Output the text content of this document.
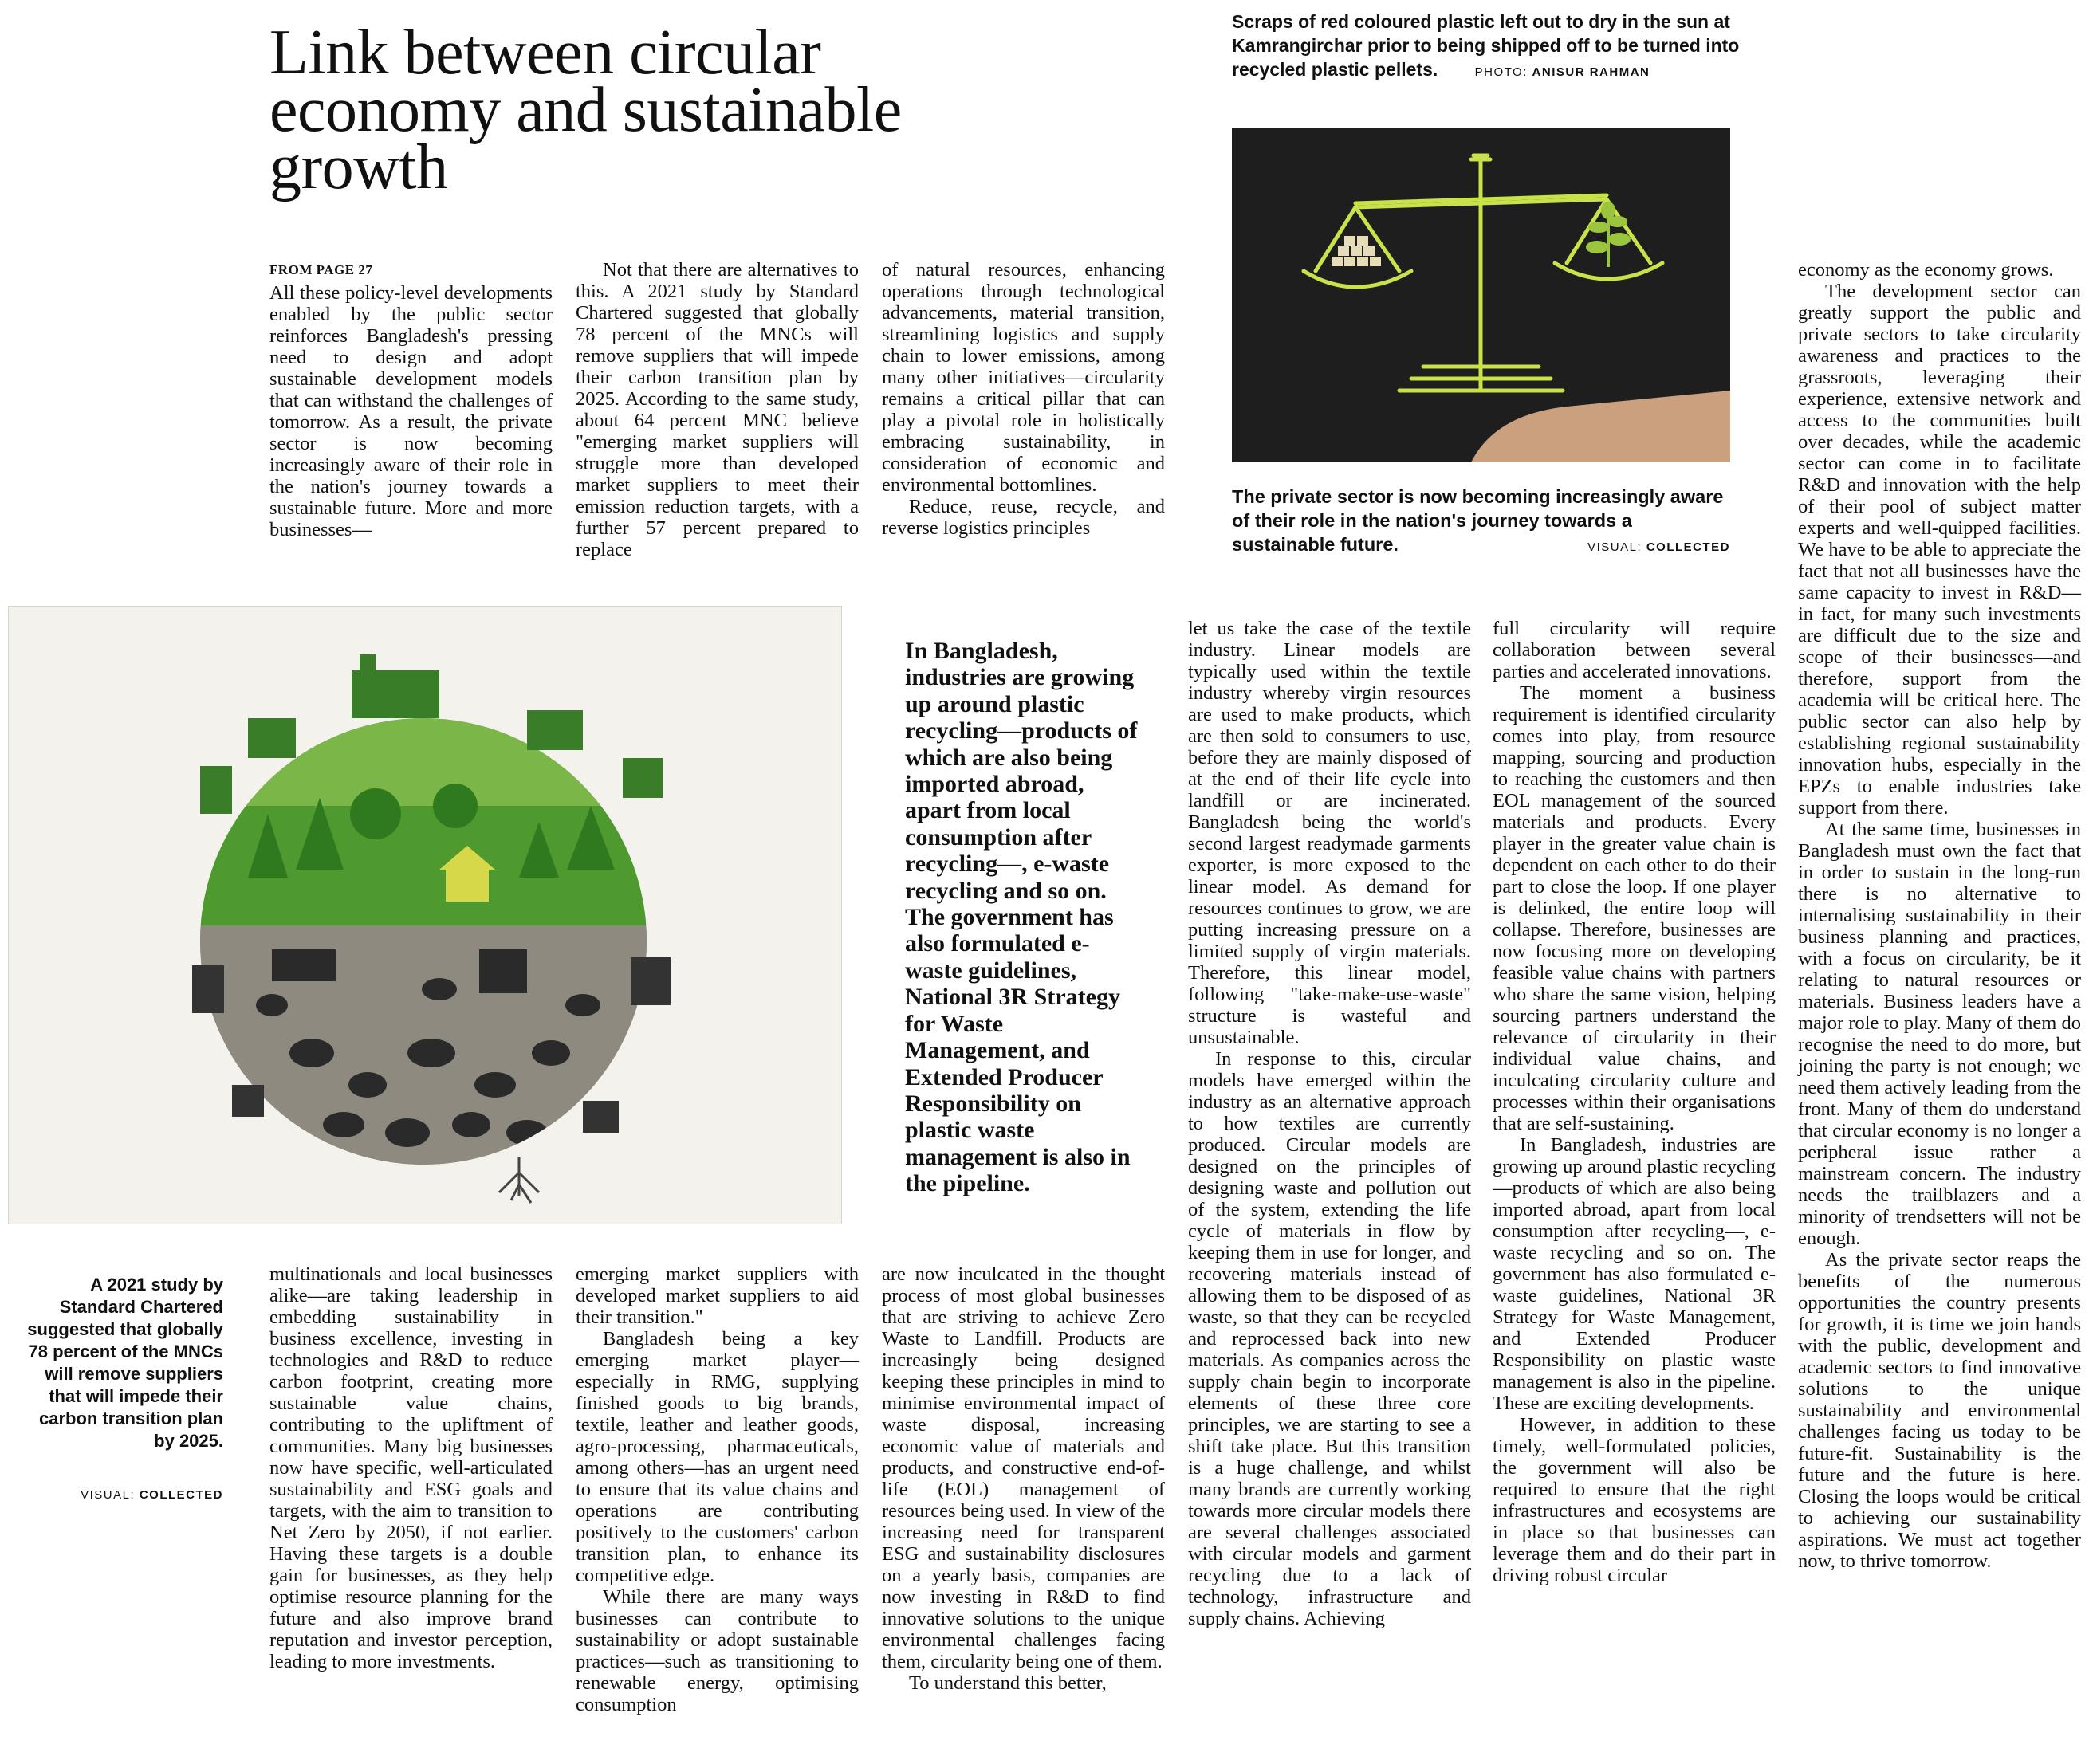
Link between circular economy and sustainable growth
Scraps of red coloured plastic left out to dry in the sun at Kamrangirchar prior to being shipped off to be turned into recycled plastic pellets.	PHOTO: ANISUR RAHMAN
The private sector is now becoming increasingly aware of their role in the nation's journey towards a sustainable future.	VISUAL: COLLECTED
FROM PAGE 27

All these policy-level developments enabled by the public sector reinforces Bangladesh's pressing need to design and adopt sustainable development models that can withstand the challenges of tomorrow. As a result, the private sector is now becoming increasingly aware of their role in the nation's journey towards a sustainable future. More and more businesses—

Not that there are alternatives to this. A 2021 study by Standard Chartered suggested that globally 78 percent of the MNCs will remove suppliers that will impede their carbon transition plan by 2025. According to the same study, about 64 percent MNC believe "emerging market suppliers will struggle more than developed market suppliers to meet their emission reduction targets, with a further 57 percent prepared to replace

of natural resources, enhancing operations through technological advancements, material transition, streamlining logistics and supply chain to lower emissions, among many other initiatives—circularity remains a critical pillar that can play a pivotal role in holistically embracing sustainability, in consideration of economic and environmental bottomlines.

Reduce, reuse, recycle, and reverse logistics principles

In Bangladesh, industries are growing up around plastic recycling—products of which are also being imported abroad, apart from local consumption after recycling—, e-waste recycling and so on. The government has also formulated e-waste guidelines, National 3R Strategy for Waste Management, and Extended Producer Responsibility on plastic waste management is also in the pipeline.

let us take the case of the textile industry. Linear models are typically used within the textile industry whereby virgin resources are used to make products, which are then sold to consumers to use, before they are mainly disposed of at the end of their life cycle into landfill or are incinerated. Bangladesh being the world's second largest readymade garments exporter, is more exposed to the linear model. As demand for resources continues to grow, we are putting increasing pressure on a limited supply of virgin materials. Therefore, this linear model, following "take-make-use-waste" structure is wasteful and unsustainable.

In response to this, circular models have emerged within the industry as an alternative approach to how textiles are currently produced. Circular models are designed on the principles of designing waste and pollution out of the system, extending the life cycle of materials in flow by keeping them in use for longer, and recovering materials instead of allowing them to be disposed of as waste, so that they can be recycled and reprocessed back into new materials. As companies across the supply chain begin to incorporate elements of these three core principles, we are starting to see a shift take place. But this transition is a huge challenge, and whilst many brands are currently working towards more circular models there are several challenges associated with circular models and garment recycling due to a lack of technology, infrastructure and supply chains. Achieving

full circularity will require collaboration between several parties and accelerated innovations.

The moment a business requirement is identified circularity comes into play, from resource mapping, sourcing and production to reaching the customers and then EOL management of the sourced materials and products. Every player in the greater value chain is dependent on each other to do their part to close the loop. If one player is delinked, the entire loop will collapse. Therefore, businesses are now focusing more on developing feasible value chains with partners who share the same vision, helping sourcing partners understand the relevance of circularity in their individual value chains, and inculcating circularity culture and processes within their organisations that are self-sustaining.

In Bangladesh, industries are growing up around plastic recycling—products of which are also being imported abroad, apart from local consumption after recycling—, e-waste recycling and so on. The government has also formulated e-waste guidelines, National 3R Strategy for Waste Management, and Extended Producer Responsibility on plastic waste management is also in the pipeline. These are exciting developments.

However, in addition to these timely, well-formulated policies, the government will also be required to ensure that the right infrastructures and ecosystems are in place so that businesses can leverage them and do their part in driving robust circular

economy as the economy grows.

The development sector can greatly support the public and private sectors to take circularity awareness and practices to the grassroots, leveraging their experience, extensive network and access to the communities built over decades, while the academic sector can come in to facilitate R&D and innovation with the help of their pool of subject matter experts and well-quipped facilities. We have to be able to appreciate the fact that not all businesses have the same capacity to invest in R&D—in fact, for many such investments are difficult due to the size and scope of their businesses—and therefore, support from the academia will be critical here. The public sector can also help by establishing regional sustainability innovation hubs, especially in the EPZs to enable industries take support from there.

At the same time, businesses in Bangladesh must own the fact that in order to sustain in the long-run there is no alternative to internalising sustainability in their business planning and practices, with a focus on circularity, be it relating to natural resources or materials. Business leaders have a major role to play. Many of them do recognise the need to do more, but joining the party is not enough; we need them actively leading from the front. Many of them do understand that circular economy is no longer a peripheral issue rather a mainstream concern. The industry needs the trailblazers and a minority of trendsetters will not be enough.

As the private sector reaps the benefits of the numerous opportunities the country presents for growth, it is time we join hands with the public, development and academic sectors to find innovative solutions to the unique sustainability and environmental challenges facing us today to be future-fit. Sustainability is the future and the future is here. Closing the loops would be critical to achieving our sustainability aspirations. We must act together now, to thrive tomorrow.

A 2021 study by Standard Chartered suggested that globally 78 percent of the MNCs will remove suppliers that will impede their carbon transition plan by 2025.
VISUAL: COLLECTED

multinationals and local businesses alike—are taking leadership in embedding sustainability in business excellence, investing in technologies and R&D to reduce carbon footprint, creating more sustainable value chains, contributing to the upliftment of communities. Many big businesses now have specific, well-articulated sustainability and ESG goals and targets, with the aim to transition to Net Zero by 2050, if not earlier. Having these targets is a double gain for businesses, as they help optimise resource planning for the future and also improve brand reputation and investor perception, leading to more investments.

emerging market suppliers with developed market suppliers to aid their transition."

Bangladesh being a key emerging market player—especially in RMG, supplying finished goods to big brands, textile, leather and leather goods, agro-processing, pharmaceuticals, among others—has an urgent need to ensure that its value chains and operations are contributing positively to the customers' carbon transition plan, to enhance its competitive edge.

While there are many ways businesses can contribute to sustainability or adopt sustainable practices—such as transitioning to renewable energy, optimising consumption

are now inculcated in the thought process of most global businesses that are striving to achieve Zero Waste to Landfill. Products are increasingly being designed keeping these principles in mind to minimise environmental impact of waste disposal, increasing economic value of materials and products, and constructive end-of-life (EOL) management of resources being used. In view of the increasing need for transparent ESG and sustainability disclosures on a yearly basis, companies are now investing in R&D to find innovative solutions to the unique environmental challenges facing them, circularity being one of them.

To understand this better,
